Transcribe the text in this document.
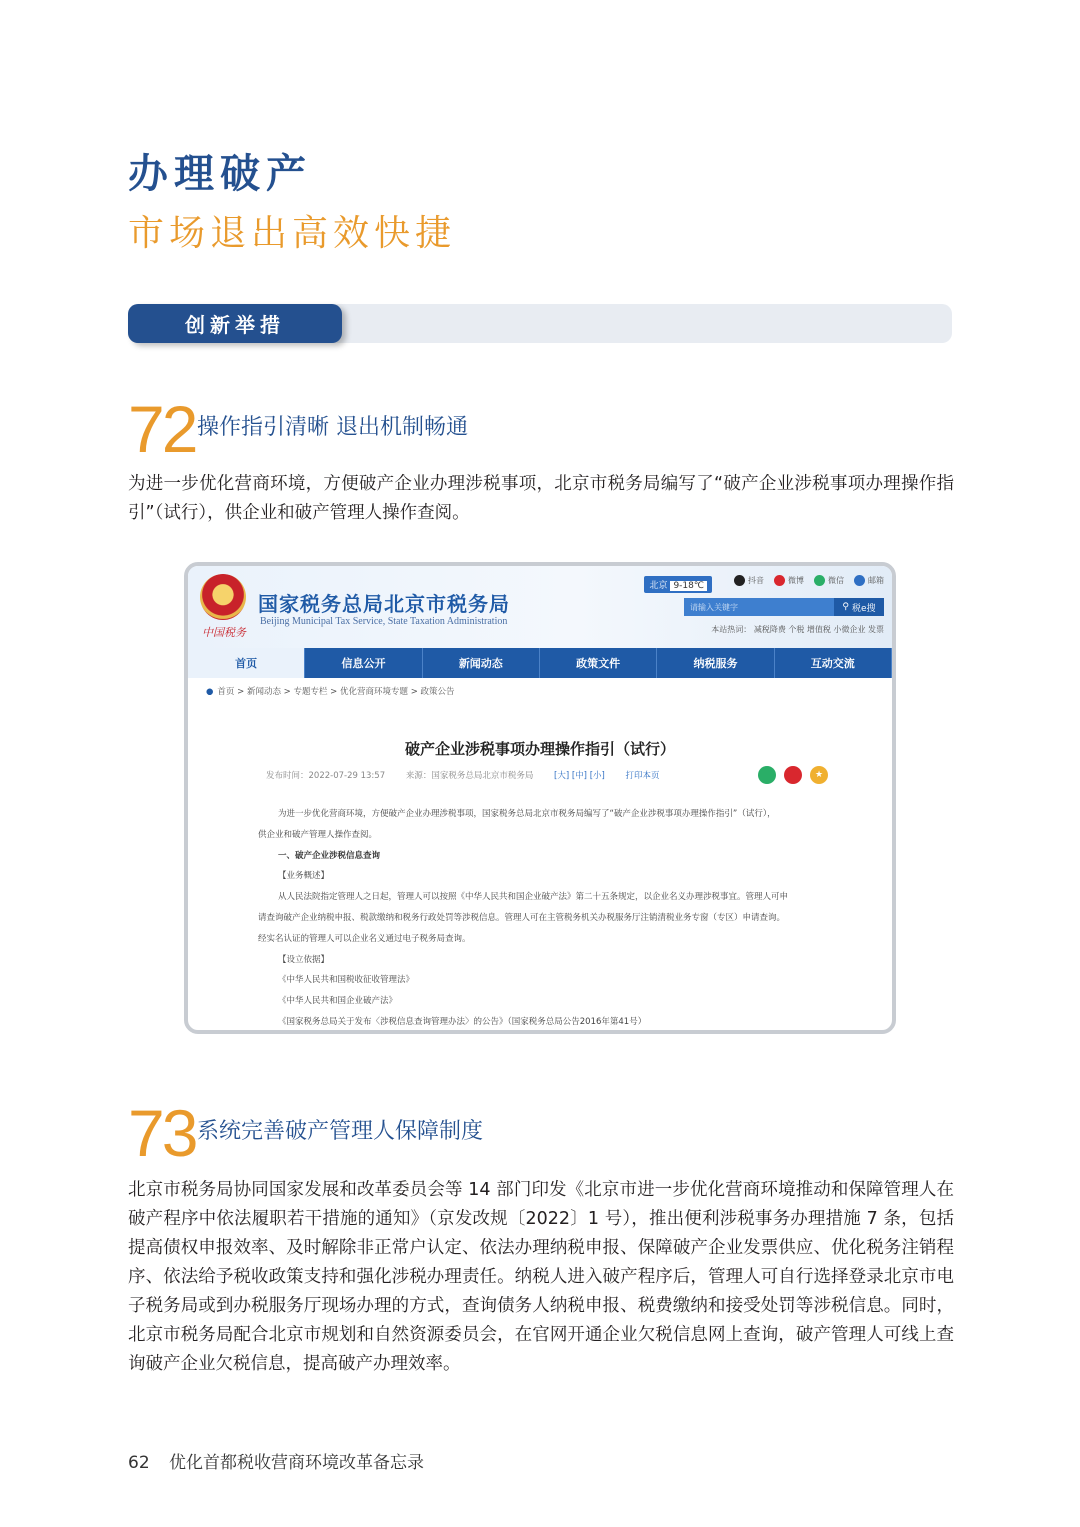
办理破产
市场退出高效快捷
创新举措
72 操作指引清晰 退出机制畅通
为进一步优化营商环境，方便破产企业办理涉税事项，北京市税务局编写了“破产企业涉税事项办理操作指引”（试行），供企业和破产管理人操作查阅。
中国税务
国家税务总局北京市税务局
Beijing Municipal Tax Service, State Taxation Administration
北京 9-18℃
抖音	微博	微信	邮箱
请输入关键字	⚲ 税e搜
本站热词： 减税降费 个税 增值税 小微企业 发票
首页	信息公开	新闻动态	政策文件	纳税服务	互动交流
● 首页 > 新闻动态 > 专题专栏 > 优化营商环境专题 > 政策公告
破产企业涉税事项办理操作指引（试行）
发布时间：2022-07-29 13:57 来源：国家税务总局北京市税务局 [大] [中] [小] 打印本页	★

为进一步优化营商环境，方便破产企业办理涉税事项，国家税务总局北京市税务局编写了“破产企业涉税事项办理操作指引”（试行），

供企业和破产管理人操作查阅。

一、破产企业涉税信息查询

【业务概述】

从人民法院指定管理人之日起，管理人可以按照《中华人民共和国企业破产法》第二十五条规定，以企业名义办理涉税事宜。管理人可申

请查询破产企业纳税申报、税款缴纳和税务行政处罚等涉税信息。管理人可在主管税务机关办税服务厅注销清税业务专窗（专区）申请查询。

经实名认证的管理人可以企业名义通过电子税务局查询。

【设立依据】

《中华人民共和国税收征收管理法》

《中华人民共和国企业破产法》

《国家税务总局关于发布〈涉税信息查询管理办法〉的公告》（国家税务总局公告2016年第41号）

73 系统完善破产管理人保障制度
北京市税务局协同国家发展和改革委员会等 14 部门印发《北京市进一步优化营商环境推动和保障管理人在破产程序中依法履职若干措施的通知》（京发改规〔2022〕1 号），推出便利涉税事务办理措施 7 条，包括提高债权申报效率、及时解除非正常户认定、依法办理纳税申报、保障破产企业发票供应、优化税务注销程序、依法给予税收政策支持和强化涉税办理责任。纳税人进入破产程序后，管理人可自行选择登录北京市电子税务局或到办税服务厅现场办理的方式，查询债务人纳税申报、税费缴纳和接受处罚等涉税信息。同时，北京市税务局配合北京市规划和自然资源委员会，在官网开通企业欠税信息网上查询，破产管理人可线上查询破产企业欠税信息，提高破产办理效率。
62 优化首都税收营商环境改革备忘录
